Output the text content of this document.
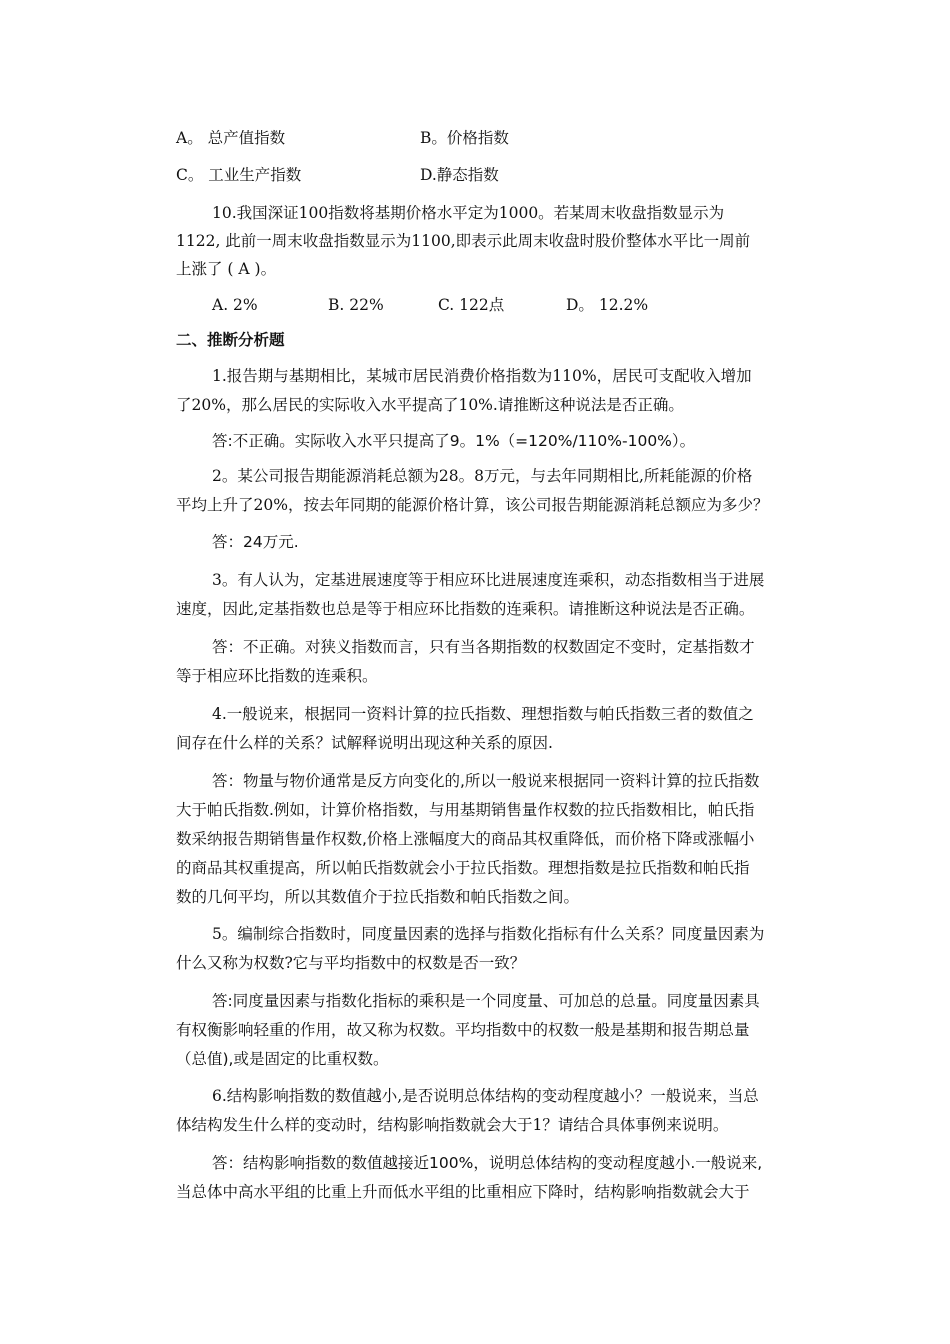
A。 总产值指数	B。价格指数
C。 工业生产指数	D.静态指数
10.我国深证100指数将基期价格水平定为1000。若某周末收盘指数显示为
1122, 此前一周末收盘指数显示为1100,即表示此周末收盘时股价整体水平比一周前
上涨了 ( A )。
A. 2%	B. 22%	C. 122点	D。 12.2%
二、推断分析题
1.报告期与基期相比，某城市居民消费价格指数为110%，居民可支配收入增加
了20%，那么居民的实际收入水平提高了10%.请推断这种说法是否正确。
答:不正确。实际收入水平只提高了9。1%（=120%/110%-100%）。
2。某公司报告期能源消耗总额为28。8万元，与去年同期相比,所耗能源的价格
平均上升了20%，按去年同期的能源价格计算，该公司报告期能源消耗总额应为多少？
答：24万元.
3。有人认为，定基进展速度等于相应环比进展速度连乘积，动态指数相当于进展
速度，因此,定基指数也总是等于相应环比指数的连乘积。请推断这种说法是否正确。
答：不正确。对狭义指数而言，只有当各期指数的权数固定不变时，定基指数才
等于相应环比指数的连乘积。
4.一般说来，根据同一资料计算的拉氏指数、理想指数与帕氏指数三者的数值之
间存在什么样的关系？试解释说明出现这种关系的原因.
答：物量与物价通常是反方向变化的,所以一般说来根据同一资料计算的拉氏指数
大于帕氏指数.例如，计算价格指数，与用基期销售量作权数的拉氏指数相比，帕氏指
数采纳报告期销售量作权数,价格上涨幅度大的商品其权重降低，而价格下降或涨幅小
的商品其权重提高，所以帕氏指数就会小于拉氏指数。理想指数是拉氏指数和帕氏指
数的几何平均，所以其数值介于拉氏指数和帕氏指数之间。
5。编制综合指数时，同度量因素的选择与指数化指标有什么关系？同度量因素为
什么又称为权数?它与平均指数中的权数是否一致？
答:同度量因素与指数化指标的乘积是一个同度量、可加总的总量。同度量因素具
有权衡影响轻重的作用，故又称为权数。平均指数中的权数一般是基期和报告期总量
（总值),或是固定的比重权数。
6.结构影响指数的数值越小,是否说明总体结构的变动程度越小？一般说来，当总
体结构发生什么样的变动时，结构影响指数就会大于1？请结合具体事例来说明。
答：结构影响指数的数值越接近100%，说明总体结构的变动程度越小.一般说来,
当总体中高水平组的比重上升而低水平组的比重相应下降时，结构影响指数就会大于
